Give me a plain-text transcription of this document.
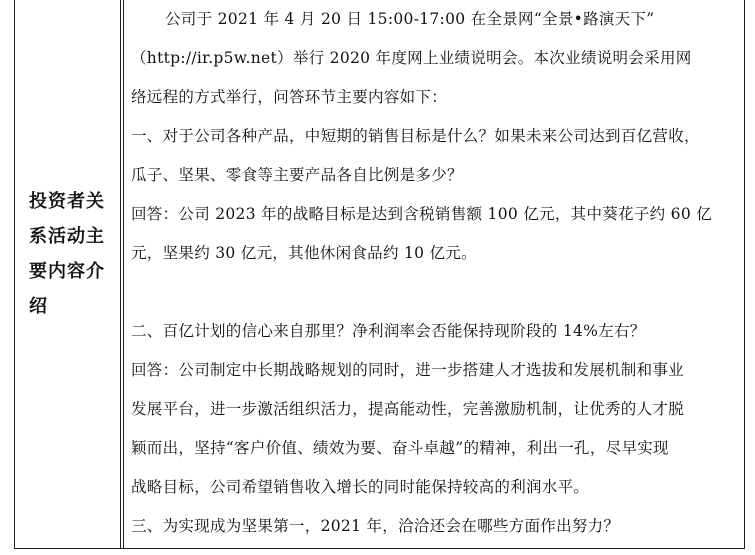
投资者关
系活动主
要内容介
绍
公司于 2021 年 4 月 20 日 15:00-17:00 在全景网“全景•路演天下”
（http://ir.p5w.net）举行 2020 年度网上业绩说明会。本次业绩说明会采用网
络远程的方式举行，问答环节主要内容如下：
一、对于公司各种产品，中短期的销售目标是什么？如果未来公司达到百亿营收，
瓜子、坚果、零食等主要产品各自比例是多少？
回答：公司 2023 年的战略目标是达到含税销售额 100 亿元，其中葵花子约 60 亿
元，坚果约 30 亿元，其他休闲食品约 10 亿元。
二、百亿计划的信心来自那里？净利润率会否能保持现阶段的 14%左右？
回答：公司制定中长期战略规划的同时，进一步搭建人才选拔和发展机制和事业
发展平台，进一步激活组织活力，提高能动性，完善激励机制，让优秀的人才脱
颖而出，坚持“客户价值、绩效为要、奋斗卓越”的精神，利出一孔，尽早实现
战略目标，公司希望销售收入增长的同时能保持较高的利润水平。
三、为实现成为坚果第一，2021 年，洽洽还会在哪些方面作出努力？
